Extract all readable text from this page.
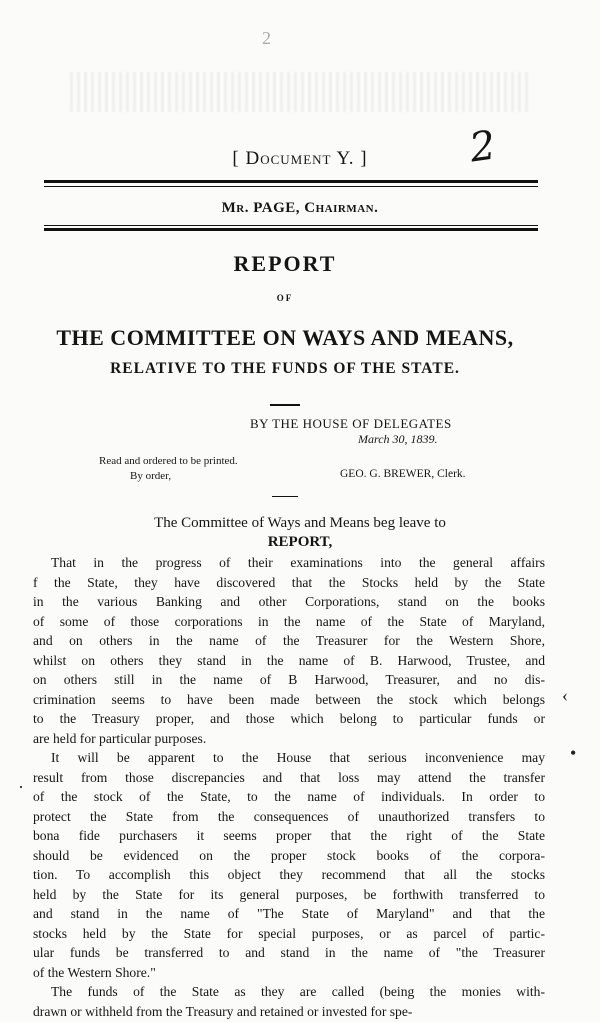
2
[ Document Y. ]	2
Mr. PAGE, Chairman.
REPORT
OF
THE COMMITTEE ON WAYS AND MEANS,
RELATIVE TO THE FUNDS OF THE STATE.
BY THE HOUSE OF DELEGATES
March 30, 1839.
Read and ordered to be printed.
By order,	GEO. G. BREWER, Clerk.
The Committee of Ways and Means beg leave to
REPORT,
That in the progress of their examinations into the general affairs
f the State, they have discovered that the Stocks held by the State
in the various Banking and other Corporations, stand on the books
of some of those corporations in the name of the State of Maryland,
and on others in the name of the Treasurer for the Western Shore,
whilst on others they stand in the name of B. Harwood, Trustee, and
on others still in the name of B Harwood, Treasurer, and no dis-
crimination seems to have been made between the stock which belongs
to the Treasury proper, and those which belong to particular funds or
are held for particular purposes.
It will be apparent to the House that serious inconvenience may
result from those discrepancies and that loss may attend the transfer
of the stock of the State, to the name of individuals. In order to
protect the State from the consequences of unauthorized transfers to
bona fide purchasers it seems proper that the right of the State
should be evidenced on the proper stock books of the corpora-
tion. To accomplish this object they recommend that all the stocks
held by the State for its general purposes, be forthwith transferred to
and stand in the name of "The State of Maryland" and that the
stocks held by the State for special purposes, or as parcel of partic-
ular funds be transferred to and stand in the name of "the Treasurer
of the Western Shore."
The funds of the State as they are called (being the monies with-
drawn or withheld from the Treasury and retained or invested for spe-
‹
•
·
